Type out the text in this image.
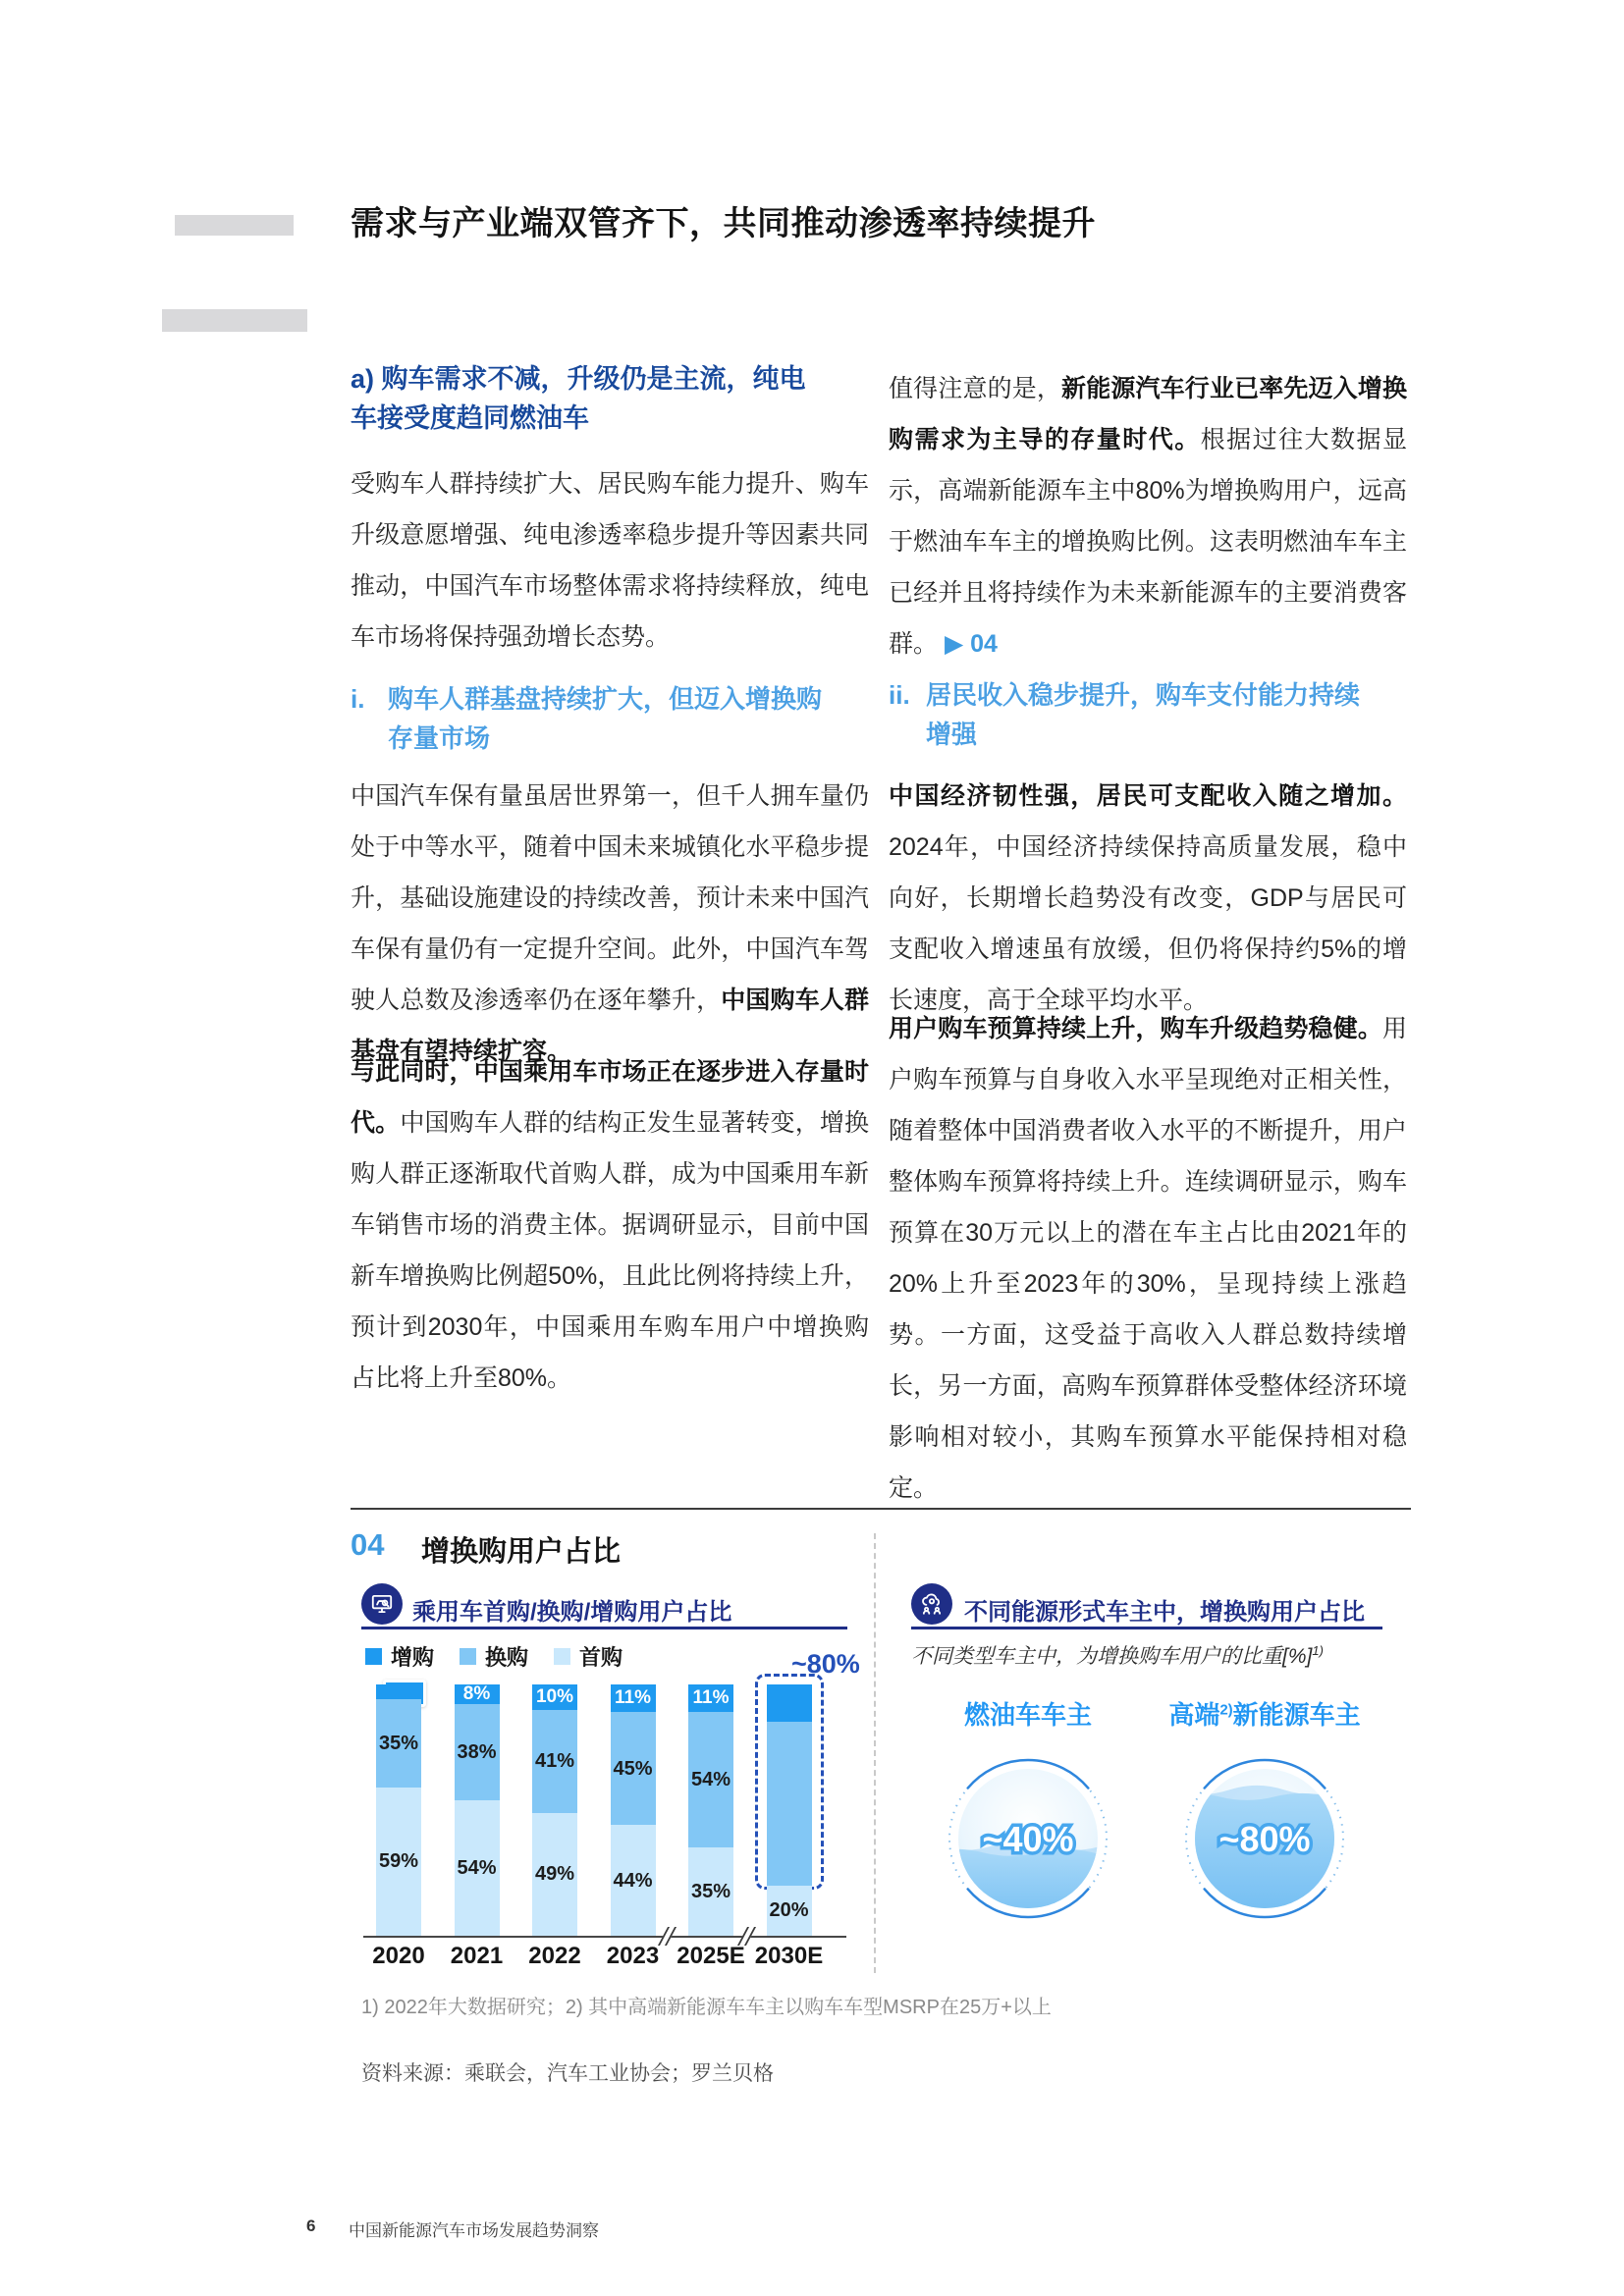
需求与产业端双管齐下，共同推动渗透率持续提升
a) 购车需求不减，升级仍是主流，纯电车接受度趋同燃油车

受购车人群持续扩大、居民购车能力提升、购车升级意愿增强、纯电渗透率稳步提升等因素共同推动，中国汽车市场整体需求将持续释放，纯电车市场将保持强劲增长态势。

i. 购车人群基盘持续扩大，但迈入增换购存量市场

中国汽车保有量虽居世界第一，但千人拥车量仍处于中等水平，随着中国未来城镇化水平稳步提升，基础设施建设的持续改善，预计未来中国汽车保有量仍有一定提升空间。此外，中国汽车驾驶人总数及渗透率仍在逐年攀升，中国购车人群基盘有望持续扩容。

与此同时，中国乘用车市场正在逐步进入存量时代。中国购车人群的结构正发生显著转变，增换购人群正逐渐取代首购人群，成为中国乘用车新车销售市场的消费主体。据调研显示，目前中国新车增换购比例超50%，且此比例将持续上升，预计到2030年，中国乘用车购车用户中增换购占比将上升至80%。

值得注意的是，新能源汽车行业已率先迈入增换购需求为主导的存量时代。根据过往大数据显示，高端新能源车主中80%为增换购用户，远高于燃油车车主的增换购比例。这表明燃油车车主已经并且将持续作为未来新能源车的主要消费客群。 ▶ 04

ii. 居民收入稳步提升，购车支付能力持续增强

中国经济韧性强，居民可支配收入随之增加。2024年，中国经济持续保持高质量发展，稳中向好，长期增长趋势没有改变，GDP与居民可支配收入增速虽有放缓，但仍将保持约5%的增长速度，高于全球平均水平。

用户购车预算持续上升，购车升级趋势稳健。用户购车预算与自身收入水平呈现绝对正相关性，随着整体中国消费者收入水平的不断提升，用户整体购车预算将持续上升。连续调研显示，购车预算在30万元以上的潜在车主占比由2021年的20%上升至2023年的30%，呈现持续上涨趋势。一方面，这受益于高收入人群总数持续增长，另一方面，高购车预算群体受整体经济环境影响相对较小，其购车预算水平能保持相对稳定。

04 增换购用户占比
乘用车首购/换购/增购用户占比
增购 换购 首购	~80%
35%
59%
2020
8%
38%
54%
2021
10%
41%
49%
2022
11%
45%
44%
2023
11%
54%
35%
2025E
20%
2030E
不同能源形式车主中，增换购用户占比
不同类型车主中，为增换购车用户的比重[%]$^{1)}$
燃油车车主	高端$^{2)}$新能源车主
~40%	~80%
1) 2022年大数据研究；2) 其中高端新能源车车主以购车车型MSRP在25万+以上
资料来源：乘联会，汽车工业协会；罗兰贝格
6 中国新能源汽车市场发展趋势洞察
